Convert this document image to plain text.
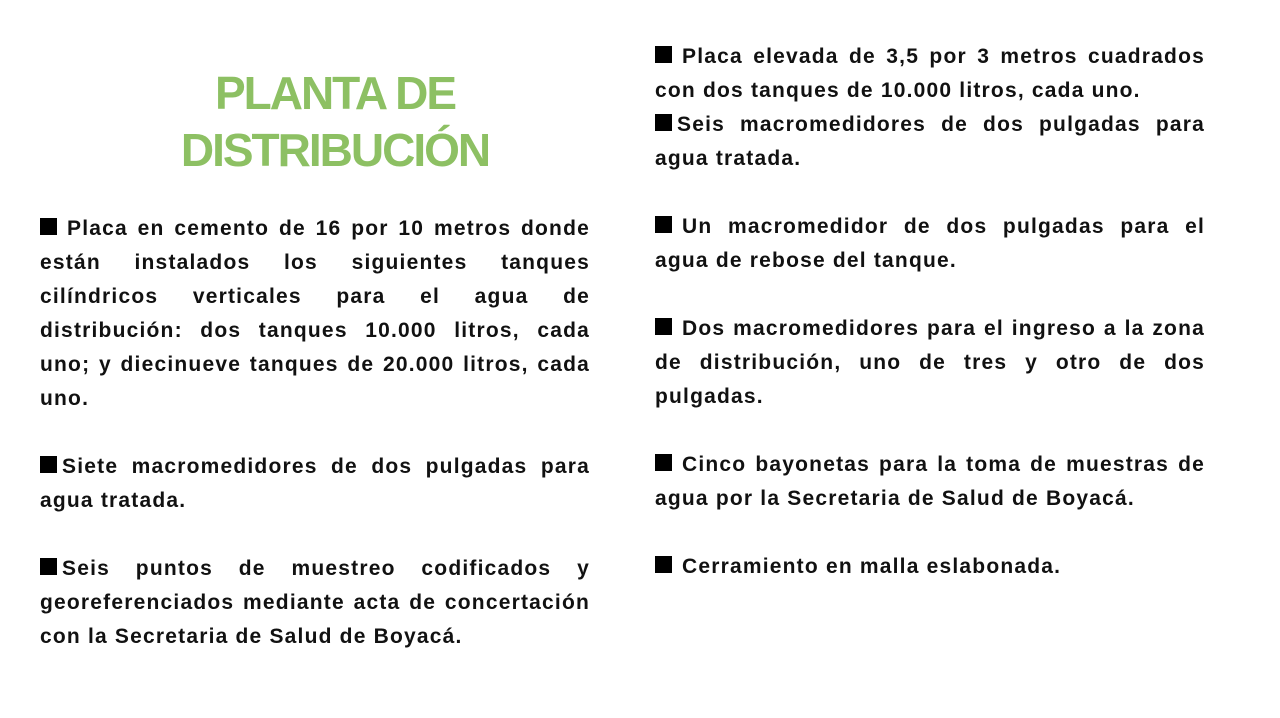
PLANTA DE
DISTRIBUCIÓN

Placa en cemento de 16 por 10 metros donde están instalados los siguientes tanques cilíndricos verticales para el agua de distribución: dos tanques 10.000 litros, cada uno; y diecinueve tanques de 20.000 litros, cada uno.

Siete macromedidores de dos pulgadas para agua tratada.

Seis puntos de muestreo codificados y georeferenciados mediante acta de concertación con la Secretaria de Salud de Boyacá.

Placa elevada de 3,5 por 3 metros cuadrados con dos tanques de 10.000 litros, cada uno.

Seis macromedidores de dos pulgadas para agua tratada.

Un macromedidor de dos pulgadas para el agua de rebose del tanque.

Dos macromedidores para el ingreso a la zona de distribución, uno de tres y otro de dos pulgadas.

Cinco bayonetas para la toma de muestras de agua por la Secretaria de Salud de Boyacá.

Cerramiento en malla eslabonada.
